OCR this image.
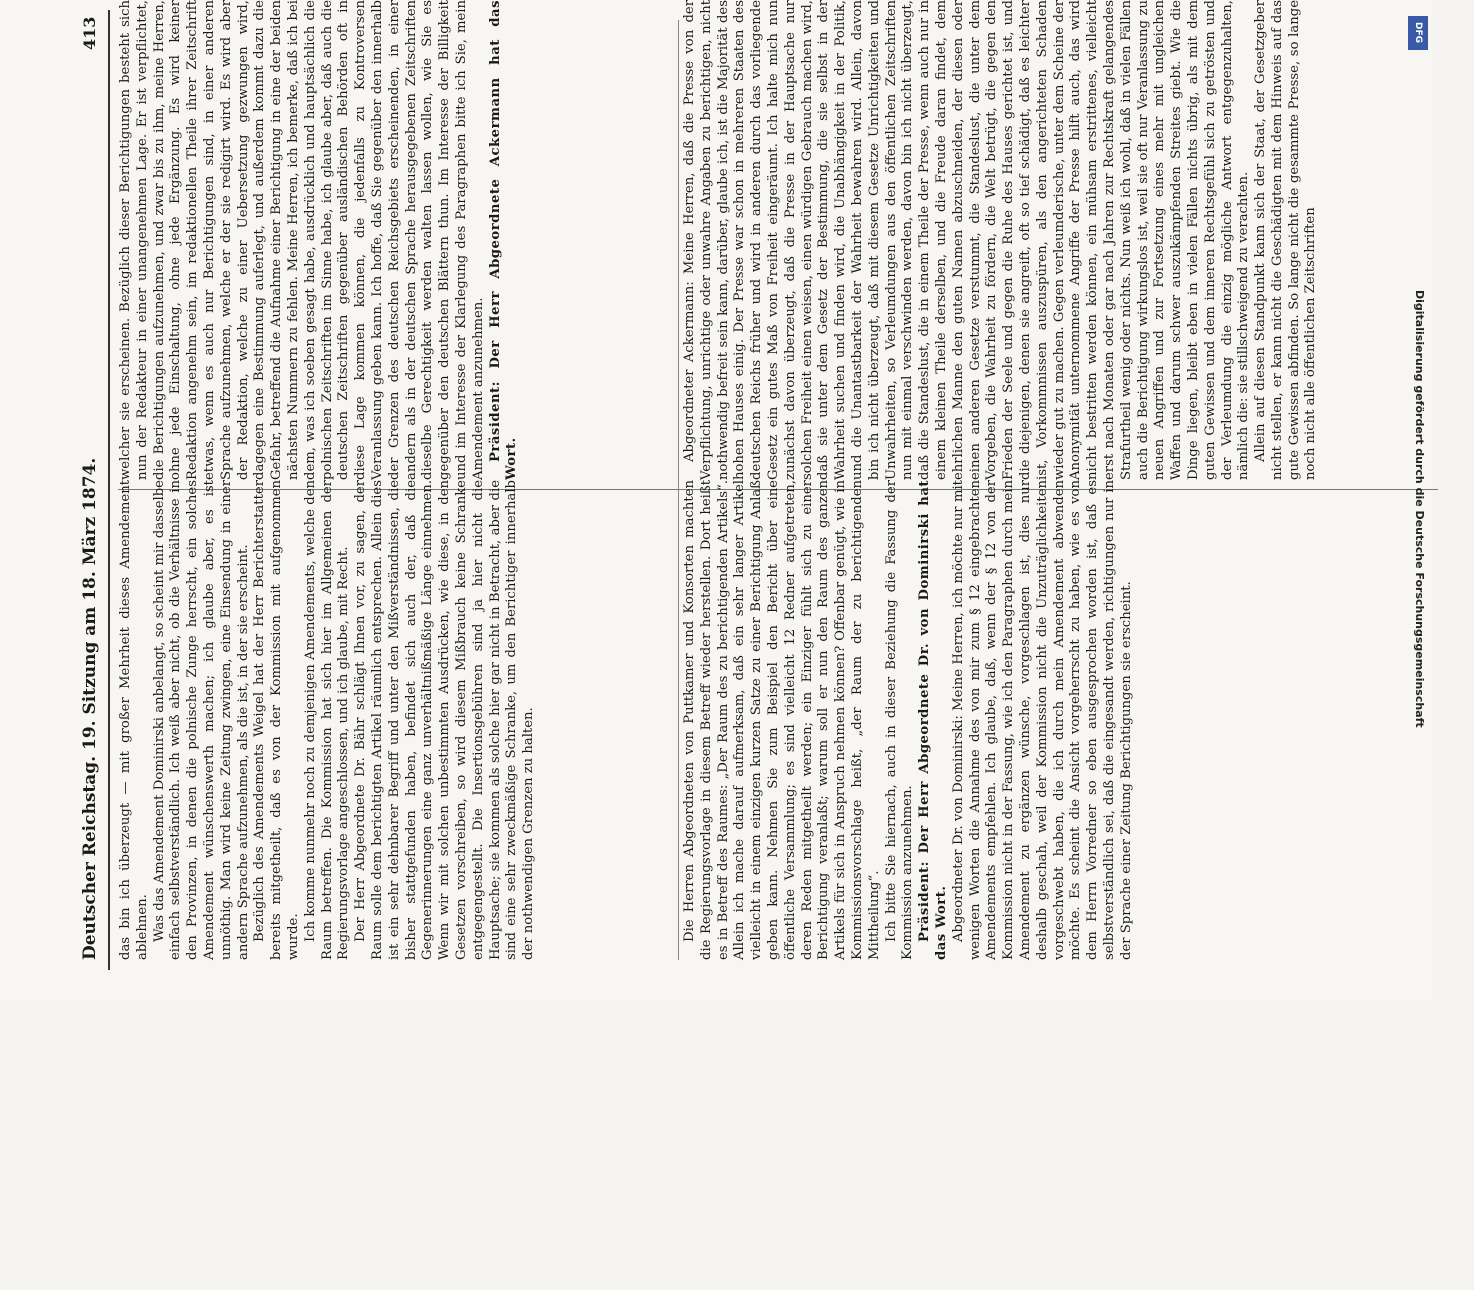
Deutscher Reichstag. 19. Sitzung am 18. März 1874.
413

das bin ich überzeugt — mit großer Mehrheit dieses Amendement ablehnen. Was das Amendement Dominirski anbelangt, so scheint mir dasselbe einfach selbstverständlich. Ich weiß aber nicht, ob die Verhältnisse in den Provinzen, in denen die polnische Zunge herrscht, ein solches Amendement wünschenswerth machen; ich glaube aber, es ist unnöthig. Man wird keine Zeitung zwingen, eine Einsendung in einer andern Sprache aufzunehmen, als die ist, in der sie erscheint. Bezüglich des Amendements Weigel hat der Herr Berichterstatter bereits mitgetheilt, daß es von der Kommission mit aufgenommen wurde. Ich komme nunmehr noch zu demjenigen Amendements, welche den Raum betreffen. Die Kommission hat sich hier im Allgemeinen der Regierungsvorlage angeschlossen, und ich glaube, mit Recht. Der Herr Abgeordnete Dr. Bähr schlägt Ihnen vor, zu sagen, der Raum solle dem berichtigten Artikel räumlich entsprechen. Allein dies ist ein sehr dehnbarer Begriff und unter den Mißverständnissen, die bisher stattgefunden haben, befindet sich auch der, daß die Gegenerinnerungen eine ganz unverhältnißmäßige Länge einnehmen. Wenn wir mit solchen unbestimmten Ausdrücken, wie diese, in den Gesetzen vorschreiben, so wird diesem Mißbrauch keine Schranke entgegengestellt. Die Insertionsgebühren sind ja hier nicht die Hauptsache; sie kommen als solche hier gar nicht in Betracht, aber die sind eine sehr zweckmäßige Schranke, um den Berichtiger innerhalb der nothwendigen Grenzen zu halten.

welcher sie erscheinen. Bezüglich dieser Berichtigungen besteht sich nun der Redakteur in einer unangenehmen Lage. Er ist verpflichtet, die Berichtigungen aufzunehmen, und zwar bis zu ihm, meine Herren, ohne jede Einschaltung, ohne jede Ergänzung. Es wird keiner Redaktion angenehm sein, im redaktionellen Theile ihrer Zeitschrift etwas, wenn es auch nur Berichtigungen sind, in einer anderen Sprache aufzunehmen, welche er der sie redigirt wird. Es wird aber der Redaktion, welche zu einer Uebersetzung gezwungen wird, dagegen eine Bestimmung auferlegt, und außerdem kommt dazu die Gefahr, betreffend die Aufnahme einer Berichtigung in eine der beiden nächsten Nummern zu fehlen. Meine Herren, ich bemerke, daß ich bei dem, was ich soeben gesagt habe, ausdrücklich und hauptsächlich die polnischen Zeitschriften im Sinne habe, ich glaube aber, daß auch die deutschen Zeitschriften gegenüber ausländischen Behörden oft in diese Lage kommen können, die jedenfalls zu Kontroversen Veranlassung geben kann. Ich hoffe, daß Sie gegenüber den innerhalb der Grenzen des deutschen Reichsgebiets erscheinenden, in einer andern als in der deutschen Sprache herausgegebenen Zeitschriften dieselbe Gerechtigkeit werden walten lassen wollen, wie Sie es gegenüber den deutschen Blättern thun. Im Interesse der Billigkeit und im Interesse der Klarlegung des Paragraphen bitte ich Sie, mein Amendement anzunehmen. Präsident: Der Herr Abgeordnete Ackermann hat das Wort.

Die Herren Abgeordneten von Puttkamer und Konsorten machten die Regierungsvorlage in diesem Betreff wieder herstellen. Dort heißt es in Betreff des Raumes: „Der Raum des zu berichtigenden Artikels“. Allein ich mache darauf aufmerksam, daß ein sehr langer Artikel vielleicht in einem einzigen kurzen Satze zu einer Berichtigung Anlaß geben kann. Nehmen Sie zum Beispiel den Bericht über eine öffentliche Versammlung; es sind vielleicht 12 Redner aufgetreten, deren Reden mitgetheilt werden; ein Einziger fühlt sich zu einer Berichtigung veranlaßt; warum soll er nun den Raum des ganzen Artikels für sich in Anspruch nehmen können? Offenbar genügt, wie in Kommissionsvorschlage heißt, „der Raum der zu berichtigenden Mittheilung“. Ich bitte Sie hiernach, auch in dieser Beziehung die Fassung der Kommission anzunehmen. Präsident: Der Herr Abgeordnete Dr. von Dominirski hat das Wort. Abgeordneter Dr. von Dominirski: Meine Herren, ich möchte nur mit wenigen Worten die Annahme des von mir zum § 12 eingebrachten Amendements empfehlen. Ich glaube, daß, wenn der § 12 von der Kommission nicht in der Fassung, wie ich den Paragraphen durch mein Amendement zu ergänzen wünsche, vorgeschlagen ist, dies nur deshalb geschah, weil der Kommission nicht die Unzuträglichkeiten vorgeschwebt haben, die ich durch mein Amendement abwenden möchte. Es scheint die Ansicht vorgeherrscht zu haben, wie es von dem Herrn Vorredner so eben ausgesprochen worden ist, daß es selbstverständlich sei, daß die eingesandt werden, richtigungen nur in der Sprache einer Zeitung Berichtigungen sie erscheint.

Abgeordneter Ackermann: Meine Herren, daß die Presse von der Verpflichtung, unrichtige oder unwahre Angaben zu berichtigen, nicht nothwendig befreit sein kann, darüber, glaube ich, ist die Majorität des hohen Hauses einig. Der Presse war schon in mehreren Staaten des deutschen Reichs früher und wird in anderen durch das vorliegende Gesetz ein gutes Maß von Freiheit eingeräumt. Ich halte mich nun zunächst davon überzeugt, daß die Presse in der Hauptsache nur solchen Freiheit einen weisen, einen würdigen Gebrauch machen wird, daß sie unter dem Gesetz der Bestimmung, die sie selbst in der Wahrheit suchen und finden wird, die Unabhängigkeit in der Politik, und die Unantastbarkeit der Wahrheit bewahren wird. Allein, davon bin ich nicht überzeugt, daß mit diesem Gesetze Unrichtigkeiten und Unwahrheiten, so Verleumdungen aus den öffentlichen Zeitschriften nun mit einmal verschwinden werden, davon bin ich nicht überzeugt, daß die Standeslust, die in einem Theile der Presse, wenn auch nur in einem kleinen Theile derselben, und die Freude daran findet, dem ehrlichen Manne den guten Namen abzuschneiden, der diesen oder einen anderen Gesetze verstummt, die Standeslust, die unter dem Vorgeben, die Wahrheit zu fördern, die Welt betrügt, die gegen den Frieden der Seele und gegen die Ruhe des Hauses gerichtet ist, und die diejenigen, denen sie angreift, oft so tief schädigt, daß es leichter ist, Vorkommnissen auszuspüren, als den angerichteten Schaden wieder gut zu machen. Gegen verleumderische, unter dem Scheine der Anonymität unternommene Angriffe der Presse hilft auch, das wird nicht bestritten werden können, ein mühsam erstrittenes, vielleicht erst nach Monaten oder gar nach Jahren zur Rechtskraft gelangendes Strafurtheil wenig oder nichts. Nun weiß ich wohl, daß in vielen Fällen auch die Berichtigung wirkungslos ist, weil sie oft nur Veranlassung zu neuen Angriffen und zur Fortsetzung eines mehr mit ungleichen Waffen und darum schwer auszukämpfenden Streites giebt. Wie die Dinge liegen, bleibt eben in vielen Fällen nichts übrig, als mit dem guten Gewissen und dem inneren Rechtsgefühl sich zu getrösten und der Verleumdung die einzig mögliche Antwort entgegenzuhalten, nämlich die: sie stillschweigend zu verachten. Allein auf diesen Standpunkt kann sich der Staat, der Gesetzgeber nicht stellen, er kann nicht die Geschädigten mit dem Hinweis auf das gute Gewissen abfinden. So lange nicht die gesammte Presse, so lange noch nicht alle öffentlichen Zeitschriften	Digitalisierung gefördert durch die Deutsche Forschungsgemeinschaft
DFG
